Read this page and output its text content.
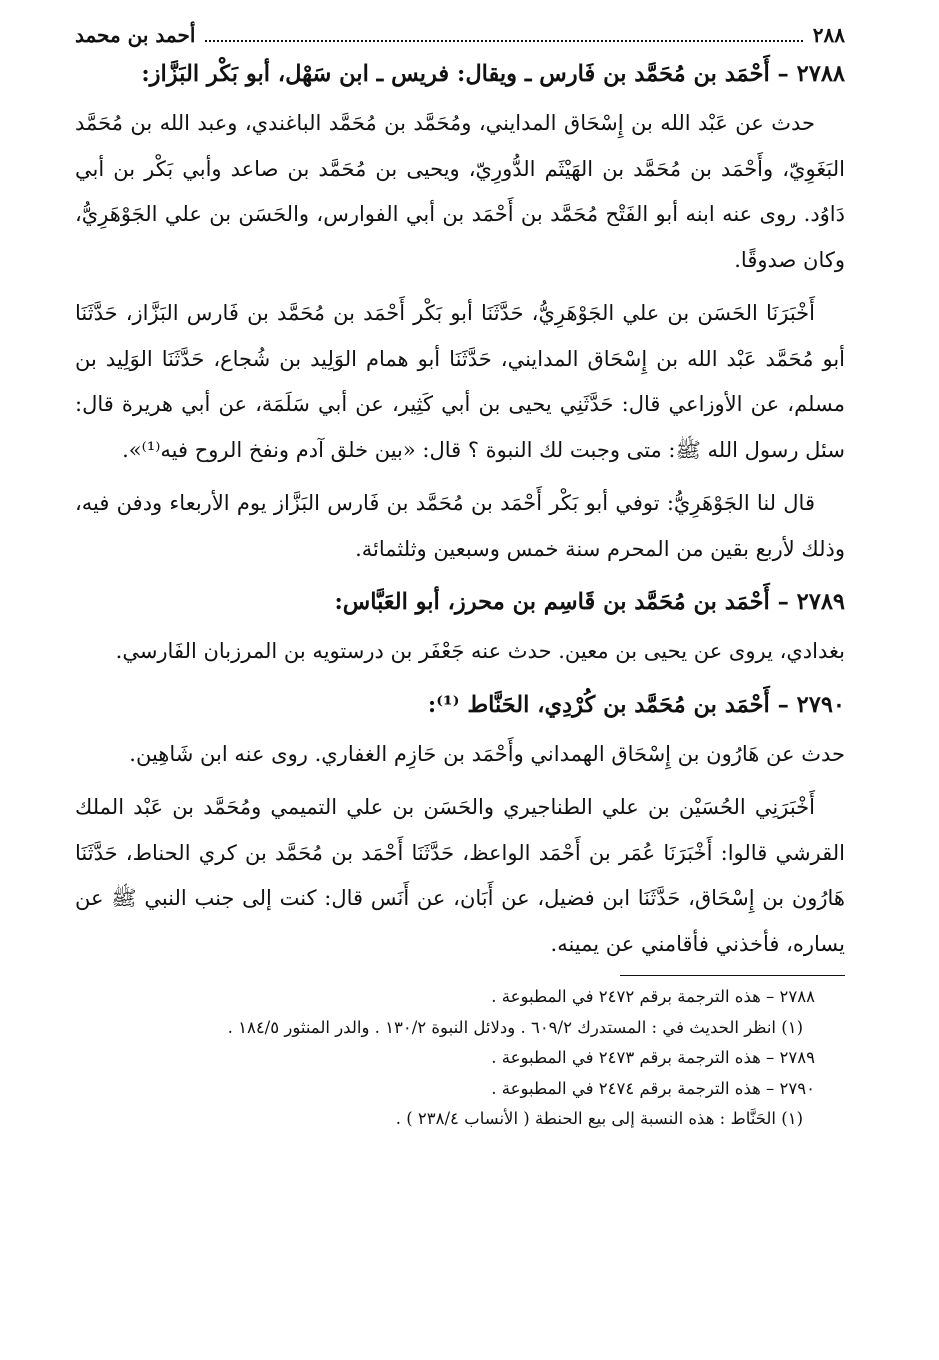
٢٨٨
أحمد بن محمد

٢٧٨٨ – أَحْمَد بن مُحَمَّد بن فَارس ـ ويقال: فريس ـ ابن سَهْل، أبو بَكْر البَزَّاز:

حدث عن عَبْد الله بن إِسْحَاق المدايني، ومُحَمَّد بن مُحَمَّد الباغندي، وعبد الله بن مُحَمَّد البَغَوِيّ، وأَحْمَد بن مُحَمَّد بن الهَيْثَم الدُّورِيّ، ويحيى بن مُحَمَّد بن صاعد وأبي بَكْر بن أبي دَاوُد. روى عنه ابنه أبو الفَتْح مُحَمَّد بن أَحْمَد بن أبي الفوارس، والحَسَن بن علي الجَوْهَرِيُّ، وكان صدوقًا.

أَخْبَرَنَا الحَسَن بن علي الجَوْهَرِيُّ، حَدَّثَنَا أبو بَكْر أَحْمَد بن مُحَمَّد بن فَارس البَزَّاز، حَدَّثَنَا أبو مُحَمَّد عَبْد الله بن إِسْحَاق المدايني، حَدَّثَنَا أبو همام الوَلِيد بن شُجاع، حَدَّثَنَا الوَلِيد بن مسلم، عن الأوزاعي قال: حَدَّثَنِي يحيى بن أبي كَثِير، عن أبي سَلَمَة، عن أبي هريرة قال: سئل رسول الله ﷺ: متى وجبت لك النبوة ؟ قال: «بين خلق آدم ونفخ الروح فيه⁽¹⁾».

قال لنا الجَوْهَرِيُّ: توفي أبو بَكْر أَحْمَد بن مُحَمَّد بن فَارس البَزَّاز يوم الأربعاء ودفن فيه، وذلك لأربع بقين من المحرم سنة خمس وسبعين وثلثمائة.

٢٧٨٩ – أَحْمَد بن مُحَمَّد بن قَاسِم بن محرز، أبو العَبَّاس:

بغدادي، يروى عن يحيى بن معين. حدث عنه جَعْفَر بن درستويه بن المرزبان الفَارسي.

٢٧٩٠ – أَحْمَد بن مُحَمَّد بن كُرْدِي، الحَنَّاط ⁽¹⁾:

حدث عن هَارُون بن إِسْحَاق الهمداني وأَحْمَد بن حَازِم الغفاري. روى عنه ابن شَاهِين.

أَخْبَرَنِي الحُسَيْن بن علي الطناجيري والحَسَن بن علي التميمي ومُحَمَّد بن عَبْد الملك القرشي قالوا: أَخْبَرَنَا عُمَر بن أَحْمَد الواعظ، حَدَّثَنَا أَحْمَد بن مُحَمَّد بن كري الحناط، حَدَّثَنَا هَارُون بن إِسْحَاق، حَدَّثَنَا ابن فضيل، عن أَبَان، عن أَنَس قال: كنت إلى جنب النبي ﷺ عن يساره، فأخذني فأقامني عن يمينه.

٢٧٨٨ – هذه الترجمة برقم ٢٤٧٢ في المطبوعة .

(١) انظر الحديث في : المستدرك ٦٠٩/٢ . ودلائل النبوة ١٣٠/٢ . والدر المنثور ١٨٤/٥ .

٢٧٨٩ – هذه الترجمة برقم ٢٤٧٣ في المطبوعة .

٢٧٩٠ – هذه الترجمة برقم ٢٤٧٤ في المطبوعة .

(١) الحَنَّاط : هذه النسبة إلى بيع الحنطة ( الأنساب ٢٣٨/٤ ) .
